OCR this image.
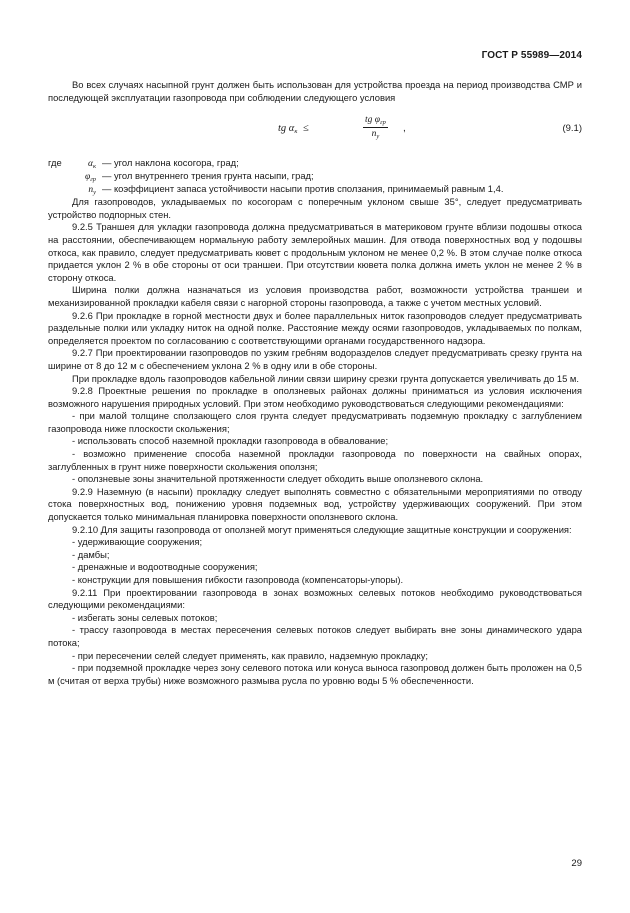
ГОСТ Р 55989—2014

Во всех случаях насыпной грунт должен быть использован для устройства проезда на период производства СМР и последующей эксплуатации газопровода при соблюдении следующего условия

tg $\alpha_к$ ≤
tg $\varphi_{гр}$
$n_у$
,	(9.1)
где	$\alpha_к$ — угол наклона косогора, град;
$\varphi_{гр}$ — угол внутреннего трения грунта насыпи, град;
$n_у$ — коэффициент запаса устойчивости насыпи против сползания, принимаемый равным 1,4.

Для газопроводов, укладываемых по косогорам с поперечным уклоном свыше 35°, следует предусматривать устройство подпорных стен.

9.2.5 Траншея для укладки газопровода должна предусматриваться в материковом грунте вблизи подошвы откоса на расстоянии, обеспечивающем нормальную работу землеройных машин. Для отвода поверхностных вод у подошвы откоса, как правило, следует предусматривать кювет с продольным уклоном не менее 0,2 %. В этом случае полке откоса придается уклон 2 % в обе стороны от оси траншеи. При отсутствии кювета полка должна иметь уклон не менее 2 % в сторону откоса.

Ширина полки должна назначаться из условия производства работ, возможности устройства траншеи и механизированной прокладки кабеля связи с нагорной стороны газопровода, а также с учетом местных условий.

9.2.6 При прокладке в горной местности двух и более параллельных ниток газопроводов следует предусматривать раздельные полки или укладку ниток на одной полке. Расстояние между осями газопроводов, укладываемых по полкам, определяется проектом по согласованию с соответствующими органами государственного надзора.

9.2.7 При проектировании газопроводов по узким гребням водоразделов следует предусматривать срезку грунта на ширине от 8 до 12 м с обеспечением уклона 2 % в одну или в обе стороны.

При прокладке вдоль газопроводов кабельной линии связи ширину срезки грунта допускается увеличивать до 15 м.

9.2.8 Проектные решения по прокладке в оползневых районах должны приниматься из условия исключения возможного нарушения природных условий. При этом необходимо руководствоваться следующими рекомендациями:

- при малой толщине сползающего слоя грунта следует предусматривать подземную прокладку с заглублением газопровода ниже плоскости скольжения;

- использовать способ наземной прокладки газопровода в обвалование;

- возможно применение способа наземной прокладки газопровода по поверхности на свайных опорах, заглубленных в грунт ниже поверхности скольжения оползня;

- оползневые зоны значительной протяженности следует обходить выше оползневого склона.

9.2.9 Наземную (в насыпи) прокладку следует выполнять совместно с обязательными мероприятиями по отводу стока поверхностных вод, понижению уровня подземных вод, устройству удерживающих сооружений. При этом допускается только минимальная планировка поверхности оползневого склона.

9.2.10 Для защиты газопровода от оползней могут применяться следующие защитные конструкции и сооружения:

- удерживающие сооружения;

- дамбы;

- дренажные и водоотводные сооружения;

- конструкции для повышения гибкости газопровода (компенсаторы-упоры).

9.2.11 При проектировании газопровода в зонах возможных селевых потоков необходимо руководствоваться следующими рекомендациями:

- избегать зоны селевых потоков;

- трассу газопровода в местах пересечения селевых потоков следует выбирать вне зоны динамического удара потока;

- при пересечении селей следует применять, как правило, надземную прокладку;

- при подземной прокладке через зону селевого потока или конуса выноса газопровод должен быть проложен на 0,5 м (считая от верха трубы) ниже возможного размыва русла по уровню воды 5 % обеспеченности.

29
